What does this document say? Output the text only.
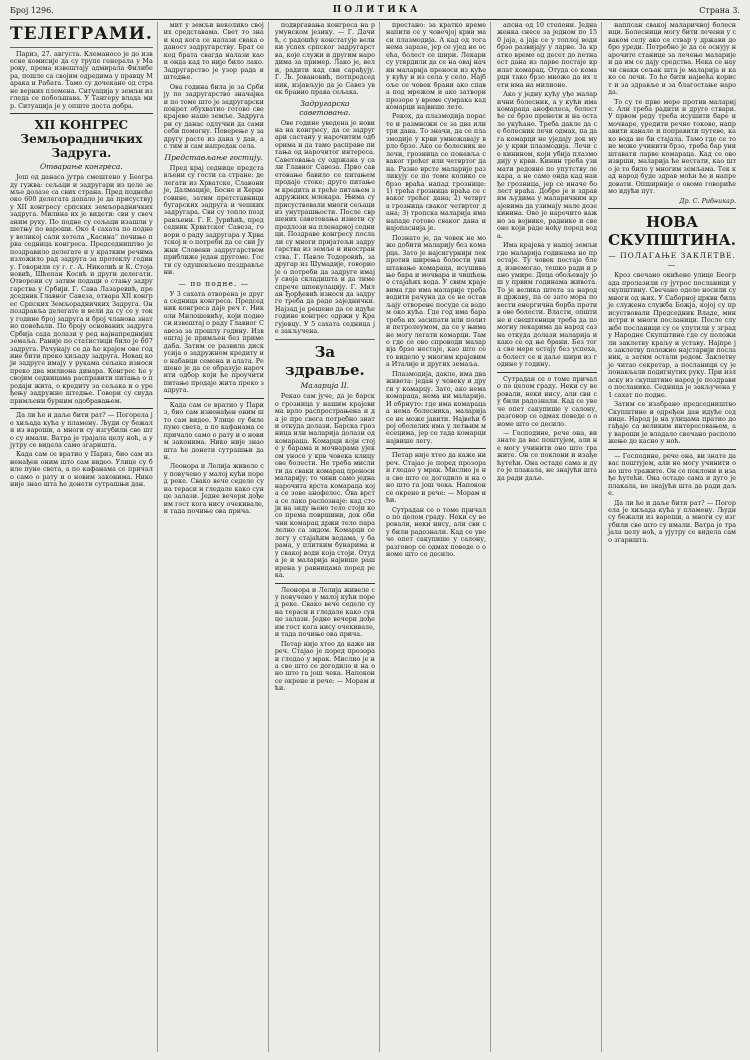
Број 1296.	ПОЛИТИКА	Страна 3.
ТЕЛЕГРАМИ.

Париз, 27. августа. Клеманосо је до извесне кoмиcије да су трупе генерала у Мароку, према извештају адмирала Филибера, пошле са својим одредима у правцу Марака и Рабата. Тамо су дочекане од стране верних племена. Ситуација у земљи изгледа се побољшава. У Тангеру влада мир. Ситуација је у опште доста добра.

XII КОНГРЕС Земљорадничких Задруга.
Отварање конгреса.

Још од данаса јутра смештено у Београду гужва: сељаци и задругари из целе земље долазе са свих страна. Пред поднеће око 600 делегата допало је да присуствују XII конгресу српских земљорадничких задруга. Милина их је видети: сви у свечаним руху. По подне су сељаци изашли у шетњу по вароши. Око 4 сахата по подне у великој сали хотела „Касина“ почиње прва седница конгреса. Председништво је поздравило делегате и у кратким речима изложило рад задруга за протеклу годину. Говорили су г. г. А. Николић и К. Стојановић, Шћепан Косић и други делегати. Отворени су затим подаци о стању задругарства у Србији. Г. Сава Лазаревић, председник Главног Савеза, отвара XII конгрес Српских Земљорадничких Задруга. Он поздравља делегате и вели да су се у току године број задруга и број чланова знатно повећали. По броју основаних задруга Србија сада долази у ред најнапреднијих земаља. Раније по статистици било је 607 задруга. Рачунају се да ће крајем ове године бити преко хиљаду задруга. Новац који задруге имају у рукама сељака износи преко два милиона динара. Конгрес ће у својим седницама расправити питања о продаји жита, о кредиту за сељака и о уређењу задружне штедње. Говори су свуда примљени бурним одобравањем.

Да ли ће и даље бити рат? — Погорела је хиљада кућа у пламену. Људи су бежали из вароши, а многи су изгубили све што су имали. Ватра је трајала целу ноћ, а ујутру се видела само згаришта.

Када сам се вратио у Париз, био сам изненађен оним што сам видео. Улице су биле пуне света, а по кафанама се причало само о рату и о новим законима. Нико није знао шта ће донети сутрашњи дан.

мит у земљи неколико својих средставама. Свет то зна и код кога се налази свака оданост задругарству. Брат се код брата свагда налази као и онда кад то није било лако. Задругарство је узор рада и штедње.

Ова година била је за Србију по задругарство значајна и по томе што је задругарски покрет обухватио готово све крајеве наше земље. Задругари су данас одлучни да сами себи помогну. Поверење у задругу расте из дана у дан, а с тим и сам напредак села.

Представљање гостију.

Пред крај седнице представљени су гости са стране: делегати из Хрватске, Славоније, Далмације, Босне и Херцеговине, затим претставници бугарских задруга и чешких задругара. Сви су топло поздрављени. Г. Е. Јурићић, председник Хрватског Савеза, говори о раду задругара у Хрватској и о потреби да се сви Јужни Словени задругарством приближе један другоме. Гости су одушевљено поздрављени.

— по подне. —

У 3 сахата отворена је друга седница конгреса. Председник конгреса даје реч г. Николи Милошевићу, који подноси извештај о раду Главног Савеза за прошлу годину. Извештај је примљен без примедаба. Затим се развила дискусија о задружном кредиту и о набавци семена и алата. Решено је да се образује нарочити одбор који ће проучити питање продаје жита преко задруга.

Када сам се вратио у Париз, био сам изненађен оним што сам видео. Улице су биле пуне света, а по кафанама се причало само о рату и о новим законима. Нико није знао шта ће донети сутрашњи дан.

Леонора и Лелија живеле су повучено у малој кући поред реке. Свако вече седеле су на тераси и гледале како сунце залази. Једне вечери дође им гост кога нису очекивале, и тада почиње ова прича.

подвргавања конгреса на румунском језику. — Г. Дачић, с радошћу констатује велики успех српског задругарства, које служи и другим народима за пример. Лако је, вели, радити кад сви сарађују. Г. Љ. Јовановић, потпредседник, изјављује да је Савез увек бранио права сељака.

Задругарска саветовања.

Ове године уведена је новина на конгресу, да се задругари састану у нарочитим одборима и да тамо расправе питања од нарочитог интереса. Саветовања су одржана у сали Главног Савеза. Прво саветовање бавило се питањем продаје стоке; друго питањем кредита и треће питањем задружних млекара. Њима су присуствовали многи сељаци из унутрашњости. После свршених саветовања изнети су предлози на пленарној седници. Поздраве конгресу послали су многи пријатељи задругарства из земље и иностранства. Г. Павле Тодоровић, задругар из Шумадије, говорио је о потреби да задруге имају своја складишта и да тиме спрече шпекулацију. Г. Милан Ђорђевић износи да задруге треба да раде заједнички. Најзад је решено да се идуће године конгрес одржи у Крагујевцу. У 5 сахата седница је закључена.

За здравље.
Маларија II.

Рекао сам јуче, да је барско грозница у нашим крајевима врло распрострањена и да је пре свега потребно знати откуда долази. Барска грозница или маларија долази од комараца. Комарци који стоје у барама и мочварама ујеком уносе у крв човека клицу ове болести. Не треба мислити да сваки комарац преноси маларију; то чини само једна нарочита врста комараца која се зове анофелес. Ова врста се лако распознаје: кад стоји на зиду њено тело стоји косо према површини, док обични комарац држи тело паралелно са зидом. Комарци се легу у стајаћим водама, у барама, у плитким бунарима и у свакој води која стоји. Отуда је и маларија највише раширена у равницама поред река.

Леонора и Лелија живеле су повучено у малој кући поред реке. Свако вече седеле су на тераси и гледале како сунце залази. Једне вечери дође им гост кога нису очекивале, и тада почиње ова прича.

Петар није хтео да каже ни реч. Стајао је поред прозора и гледао у мрак. Мислио је на све што се догодило и на оно што га још чека. Напокон се окрене и рече: — Морам ићи.

престано: за кратко време напити се у човечјој крви маси плазмодија. А кад од тога нема заразе, јер се ујед не осећа, болест се шири. Лекари су утврдили да се на овај начин маларија преноси из куће у кућу и из села у село. Најбоље се човек брани ако спава под мрежом и ако затвори прозоре у време сумрака кад комарци највише лете.

Рекох, да плазмодија порасте и размножи се за два или три дана. То значи, да се плазмодије у крви умножавају врло брзо. Ако се болесник не лечи, грозница се понавља сваког трећег или четвртог дана. Разне врсте маларије разликују се по томе колико се брзо враћа напад грознице: 1) трећа грозница враћа се сваког трећег дана; 2) четврта грозница сваког четвртог дана; 3) тропска маларија има нападе готово сваког дана и најопаснија је.

Познато је, да човек не може добити маларију без комарца. Зато је најсигурнији лек против ширења болести уништавање комараца, исушивање бара и мочвара и чишћење стајаћих вода. У свим крајевима где има маларије треба водити рачуна да се не остављају отворене посуде са водом око кућа. Где год има бара треба их засипати или полити петролеумом, да се у њима не могу легати комарци. Тамо где се ово спроводи маларија брзо нестаје, као што се то видело у многим крајевима Италије и других земаља.

Плазмодија, дакле, има два живота: један у човеку и други у комарцу. Зато, ако нема комараца, нема ни маларије. И обрнуто: где има комараца а нема болесника, маларија се не може јавити. Највећи број оболелих има у летњим месецима, јер се тада комарци највише легу.

Петар није хтео да каже ни реч. Стајао је поред прозора и гледао у мрак. Мислио је на све што се догодило и на оно што га још чека. Напокон се окрене и рече: — Морам ићи.

Сутрадан се о томе причало по целом граду. Неки су веровали, неки нису, али сви су били радознали. Кад се увече опет сакупише у салону, разговор се одмах поведе о ономе што се десило.

апсна од 10 степени. Једна женка снесе за једном по 150 јаја, а јаја се у топлој води брзо развијају у ларве. За кратко време од десет до петнаест дана из ларве постаје крилат комарац. Отуда се комарци тако брзо множе да их лети има на милионе.

Ако у једну кућу уђе маларични болесник, а у кући има комараца анофелеса, болест ће се брзо пренети и на остале укућане. Треба дакле да се болесник лечи одмах, па да га комарци не уједају док му је у крви плазмодија. Лечи се кинином, који убија плазмодију у крви. Кинин треба узимати редовно по упутству лекара, а не само онда кад наиђе грозница, јер се иначе болест враћа. Добро је и здравим људима у маларичним крајевима да узимају мале дозе кинина. Ово је нарочито важно за војнике, раднике и све оне који раде ноћу поред вода.

Има крајева у нашој земљи где маларија годинама не престаје. Ту човек постаје блед, изнемогао, тешко ради и рано умире. Деца обољевају још у првим годинама живота. То је велика штета за народ и државу, па се зато мора повести енергична борба против ове болести. Власти, општине и свештеници треба да помогну лекарима да народ сазна откуда долази маларија и како се од ње брани. Без тога све мере остају без успеха, а болест се и даље шири из године у годину.

Сутрадан се о томе причало по целом граду. Неки су веровали, неки нису, али сви су били радознали. Кад се увече опет сакупише у салону, разговор се одмах поведе о ономе што се десило.

— Господине, рече она, ви знате да вас поштујем, али не могу учинити оно што тражите. Он се поклони и изађе ћутећи. Она остаде сама и дуго је плакала, не знајући шта да ради даље.

наппсан свакој маларичној болесници. Болесници могу бити лечени у сваком селу ако се ствар у држави добро уреди. Потребно је да се оснују нарочите станице за лечење маларије и да им се дају средства. Нека се научи сваки сељак шта је маларија и како се лечи. То ће бити највећа корист и за здравље и за благостање народа.

То су те прве мере против маларије. Али треба радити и друге ствари. У првом реду треба исушити баре и мочваре, уредити речне токове, направити канале и поправити путеве, како вода не би стајала. Тамо где се то не може учинити брзо, треба бар уништавати ларве комараца. Кад се ово изврши, маларија ће нестати, као што је то било у многим земљама. Тек кад народ буде здрав моћи ће и напредовати. Опширније о овоме говорићемо идући пут.

Др. С. Рибникар.
НОВА СКУПШТИНА.
— ПОЛАГАЊЕ ЗАКЛЕТВЕ. —

Кроз свечано окићене улице Београда пролазили су јутрос посланици у скупштину. Свечано одело носили су многи од њих. У Саборној цркви била је служена служба Божја, којој су присуствовали Председник Владе, министри и многи посланици. После службе посланици су се упутили у зграду Народне Скупштине где су положили заклетву краљу и уставу. Најпре је заклетву положио најстарији посланик, а затим остали редом. Заклетву је читао секретар, а посланици су је понављали подигнутих руку. При изласку из скупштине народ је поздравио посланике. Седница је закључена у 1 сахат по подне.

Затим се изабрано председништво Скупштине и одређен дан идуће седнице. Народ је на улицама пратио догађаје са великим интересовањем, а у вароши је владало свечано расположење до касно у ноћ.

— Господине, рече она, ви знате да вас поштујем, али не могу учинити оно што тражите. Он се поклони и изађе ћутећи. Она остаде сама и дуго је плакала, не знајући шта да ради даље.

Да ли ће и даље бити рат? — Погорела је хиљада кућа у пламену. Људи су бежали из вароши, а многи су изгубили све што су имали. Ватра је трајала целу ноћ, а ујутру се видела само згаришта.
